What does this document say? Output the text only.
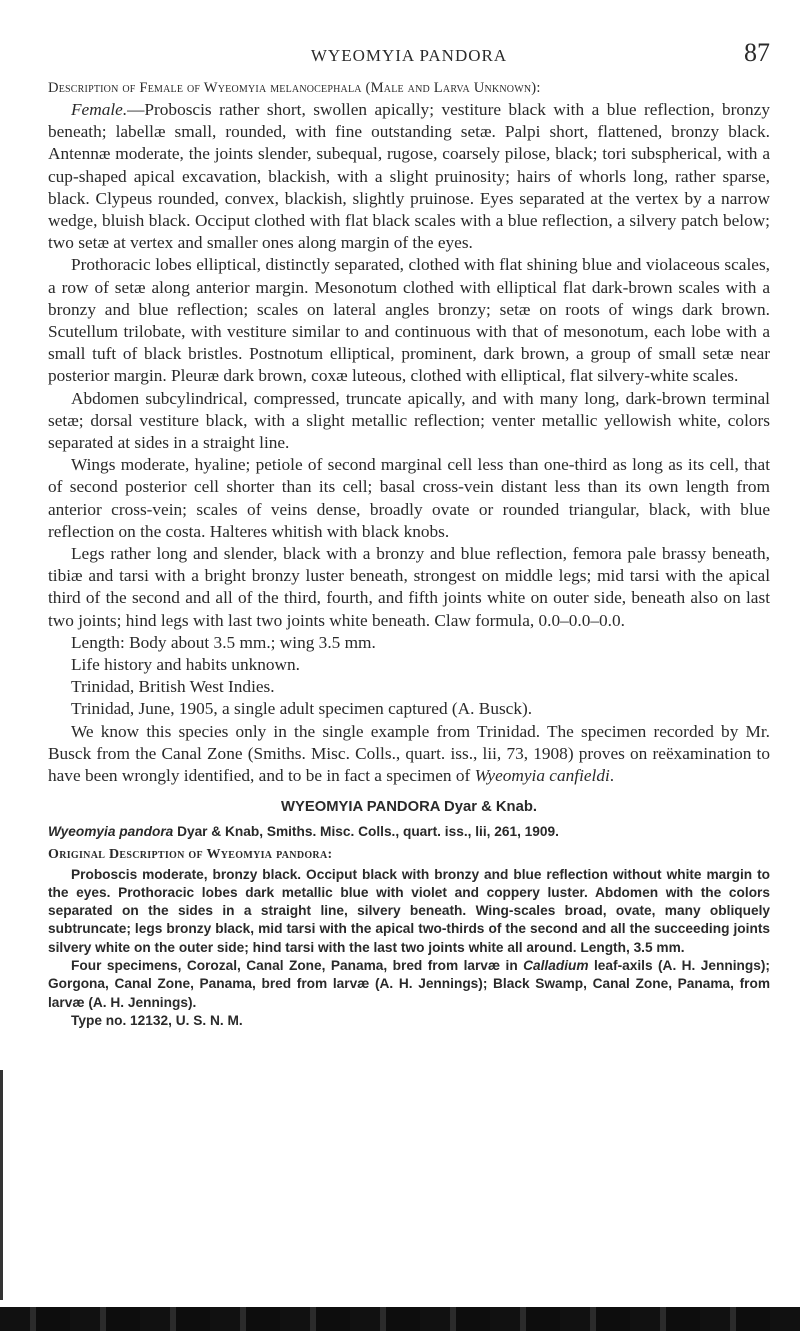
WYEOMYIA PANDORA	87

Description of Female of Wyeomyia melanocephala (Male and Larva Unknown):

Female.—Proboscis rather short, swollen apically; vestiture black with a blue reflection, bronzy beneath; labellæ small, rounded, with fine outstanding setæ. Palpi short, flattened, bronzy black. Antennæ moderate, the joints slender, subequal, rugose, coarsely pilose, black; tori subspherical, with a cup-shaped apical excavation, blackish, with a slight pruinosity; hairs of whorls long, rather sparse, black. Clypeus rounded, convex, blackish, slightly pruinose. Eyes separated at the vertex by a narrow wedge, bluish black. Occiput clothed with flat black scales with a blue reflection, a silvery patch below; two setæ at vertex and smaller ones along margin of the eyes.

Prothoracic lobes elliptical, distinctly separated, clothed with flat shining blue and violaceous scales, a row of setæ along anterior margin. Mesonotum clothed with elliptical flat dark-brown scales with a bronzy and blue reflection; scales on lateral angles bronzy; setæ on roots of wings dark brown. Scutellum trilobate, with vestiture similar to and continuous with that of mesonotum, each lobe with a small tuft of black bristles. Postnotum elliptical, prominent, dark brown, a group of small setæ near posterior margin. Pleuræ dark brown, coxæ luteous, clothed with elliptical, flat silvery-white scales.

Abdomen subcylindrical, compressed, truncate apically, and with many long, dark-brown terminal setæ; dorsal vestiture black, with a slight metallic reflection; venter metallic yellowish white, colors separated at sides in a straight line.

Wings moderate, hyaline; petiole of second marginal cell less than one-third as long as its cell, that of second posterior cell shorter than its cell; basal cross-vein distant less than its own length from anterior cross-vein; scales of veins dense, broadly ovate or rounded triangular, black, with blue reflection on the costa. Halteres whitish with black knobs.

Legs rather long and slender, black with a bronzy and blue reflection, femora pale brassy beneath, tibiæ and tarsi with a bright bronzy luster beneath, strongest on middle legs; mid tarsi with the apical third of the second and all of the third, fourth, and fifth joints white on outer side, beneath also on last two joints; hind legs with last two joints white beneath. Claw formula, 0.0–0.0–0.0.

Length: Body about 3.5 mm.; wing 3.5 mm.

Life history and habits unknown.

Trinidad, British West Indies.

Trinidad, June, 1905, a single adult specimen captured (A. Busck).

We know this species only in the single example from Trinidad. The specimen recorded by Mr. Busck from the Canal Zone (Smiths. Misc. Colls., quart. iss., lii, 73, 1908) proves on reëxamination to have been wrongly identified, and to be in fact a specimen of Wyeomyia canfieldi.

WYEOMYIA PANDORA Dyar & Knab.

Wyeomyia pandora Dyar & Knab, Smiths. Misc. Colls., quart. iss., lii, 261, 1909.

Original Description of Wyeomyia pandora:

Proboscis moderate, bronzy black. Occiput black with bronzy and blue reflection without white margin to the eyes. Prothoracic lobes dark metallic blue with violet and coppery luster. Abdomen with the colors separated on the sides in a straight line, silvery beneath. Wing-scales broad, ovate, many obliquely subtruncate; legs bronzy black, mid tarsi with the apical two-thirds of the second and all the succeeding joints silvery white on the outer side; hind tarsi with the last two joints white all around. Length, 3.5 mm.

Four specimens, Corozal, Canal Zone, Panama, bred from larvæ in Calladium leaf-axils (A. H. Jennings); Gorgona, Canal Zone, Panama, bred from larvæ (A. H. Jennings); Black Swamp, Canal Zone, Panama, from larvæ (A. H. Jennings).

Type no. 12132, U. S. N. M.
